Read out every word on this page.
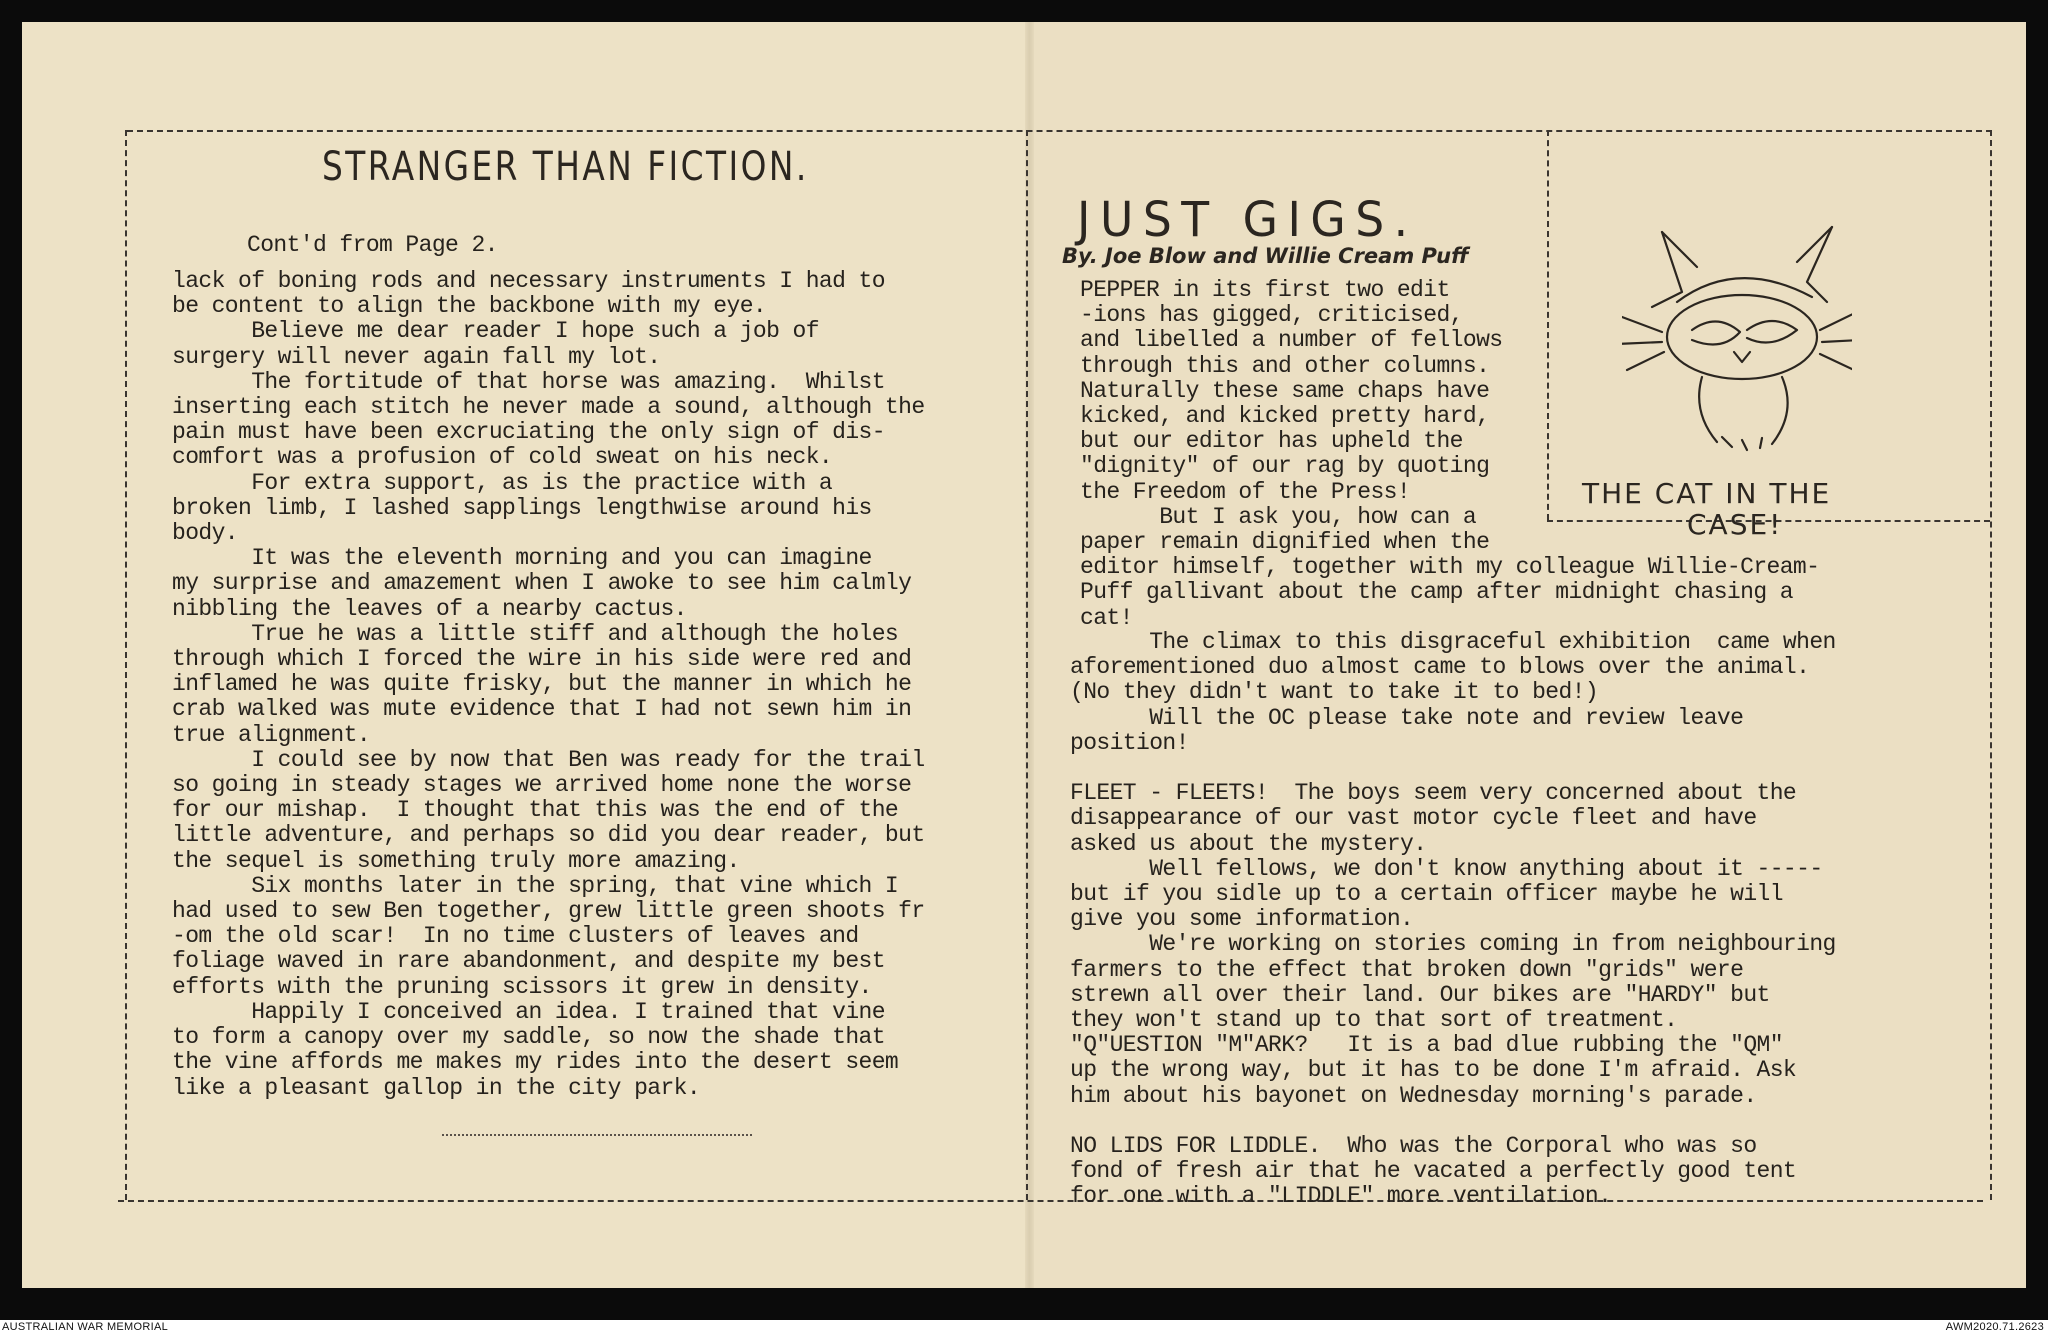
STRANGER THAN FICTION.
Cont'd from Page 2.
lack of boning rods and necessary instruments I had to
be content to align the backbone with my eye.
Believe me dear reader I hope such a job of
surgery will never again fall my lot.
The fortitude of that horse was amazing.  Whilst
inserting each stitch he never made a sound, although the
pain must have been excruciating the only sign of dis-
comfort was a profusion of cold sweat on his neck.
For extra support, as is the practice with a
broken limb, I lashed sapplings lengthwise around his
body.
It was the eleventh morning and you can imagine
my surprise and amazement when I awoke to see him calmly
nibbling the leaves of a nearby cactus.
True he was a little stiff and although the holes
through which I forced the wire in his side were red and
inflamed he was quite frisky, but the manner in which he
crab walked was mute evidence that I had not sewn him in
true alignment.
I could see by now that Ben was ready for the trail
so going in steady stages we arrived home none the worse
for our mishap.  I thought that this was the end of the
little adventure, and perhaps so did you dear reader, but
the sequel is something truly more amazing.
Six months later in the spring, that vine which I
had used to sew Ben together, grew little green shoots fr
-om the old scar!  In no time clusters of leaves and
foliage waved in rare abandonment, and despite my best
efforts with the pruning scissors it grew in density.
Happily I conceived an idea. I trained that vine
to form a canopy over my saddle, so now the shade that
the vine affords me makes my rides into the desert seem
like a pleasant gallop in the city park.
JUST GIGS.
By. Joe Blow and Willie Cream Puff
PEPPER in its first two edit
-ions has gigged, criticised,
and libelled a number of fellows
through this and other columns.
Naturally these same chaps have
kicked, and kicked pretty hard,
but our editor has upheld the
"dignity" of our rag by quoting
the Freedom of the Press!
But I ask you, how can a
paper remain dignified when the
editor himself, together with my colleague Willie-Cream-
Puff gallivant about the camp after midnight chasing a
cat!
The climax to this disgraceful exhibition  came when
aforementioned duo almost came to blows over the animal.
(No they didn't want to take it to bed!)
Will the OC please take note and review leave
position!

FLEET - FLEETS!  The boys seem very concerned about the
disappearance of our vast motor cycle fleet and have
asked us about the mystery.
Well fellows, we don't know anything about it -----
but if you sidle up to a certain officer maybe he will
give you some information.
We're working on stories coming in from neighbouring
farmers to the effect that broken down "grids" were
strewn all over their land. Our bikes are "HARDY" but
they won't stand up to that sort of treatment.
"Q"UESTION "M"ARK?   It is a bad dlue rubbing the "QM"
up the wrong way, but it has to be done I'm afraid. Ask
him about his bayonet on Wednesday morning's parade.

NO LIDS FOR LIDDLE.  Who was the Corporal who was so
fond of fresh air that he vacated a perfectly good tent
for one with a "LIDDLE" more ventilation.
THE CAT IN THE
CASE!
AUSTRALIAN WAR MEMORIAL	AWM2020.71.2623
